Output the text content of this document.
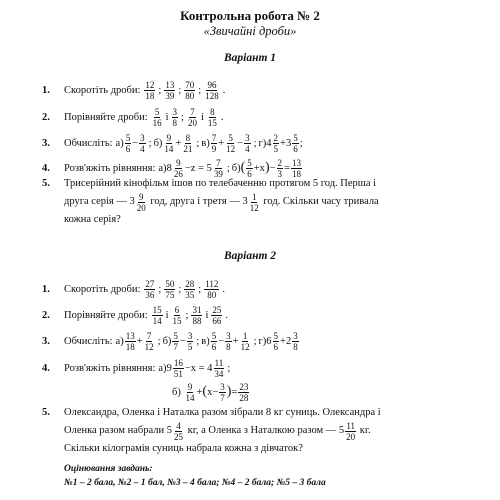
Контрольна робота № 2
«Звичайні дроби»
Варіант 1
1. Скоротіть дроби: $\frac{12}{18}$ ; $\frac{13}{39}$ ; $\frac{70}{80}$ ; $\frac{96}{128}$ .
2. Порівняйте дроби: $\frac{5}{16}$ і $\frac{3}{8}$ ; $\frac{7}{20}$ і $\frac{8}{15}$ .
3. Обчисліть: $а) \frac{5}{6} - \frac{3}{4}$ ; $б) \frac{9}{14} + \frac{8}{21}$ ; $в) \frac{7}{9} + \frac{5}{12} - \frac{3}{4}$ ; г) $4 \frac{2}{5} + 3 \frac{5}{6}$ ;
4. Розв'яжіть рівняння: а) $8 \frac{9}{26} -z = 5 \frac{7}{39}$ ; б) ( $\frac{5}{6} +x$ ) − $\frac{2}{3} = \frac{13}{18}$
5. Трисерійний кінофільм ішов по телебаченню протягом 5 год. Перша і
друга серія — $3 \frac{9}{20}$
год, друга і третя — $3 \frac{1}{12}$
год. Скільки часу тривала
кожна серія?
Варіант 2
1. Скоротіть дроби: $\frac{27}{36}$ ; $\frac{50}{75}$ ; $\frac{28}{35}$ ; $\frac{112}{80}$ .
2. Порівняйте дроби: $\frac{15}{14}$ і $\frac{6}{15}$ ; $\frac{31}{88}$ і $\frac{25}{66}$ .
3. Обчисліть: $а) \frac{13}{18} + \frac{7}{12}$ ; $б) \frac{5}{7} - \frac{3}{5}$ ; $в) \frac{5}{6} - \frac{3}{8} + \frac{1}{12}$ ; г) $6 \frac{5}{6} + 2 \frac{3}{8}$
4. Розв'яжіть рівняння: а) $9 \frac{16}{51} -x = 4 \frac{11}{34}$ ;
б)
$\frac{9}{14}$ + ( $x- \frac{3}{7}$ ) = $\frac{23}{28}$
5. Олександра, Оленка і Наталка разом зібрали 8 кг суниць. Олександра і
Оленка разом набрали $5 \frac{4}{25}$
кг, а Оленка з Наталкою разом — $5 \frac{11}{20}$
кг.
Скільки кілограмів суниць набрала кожна з дівчаток?
Оцінювання завдань:
№1 – 2 бала, №2 – 1 бал, №3 – 4 бала; №4 – 2 бала; №5 – 3 бала
